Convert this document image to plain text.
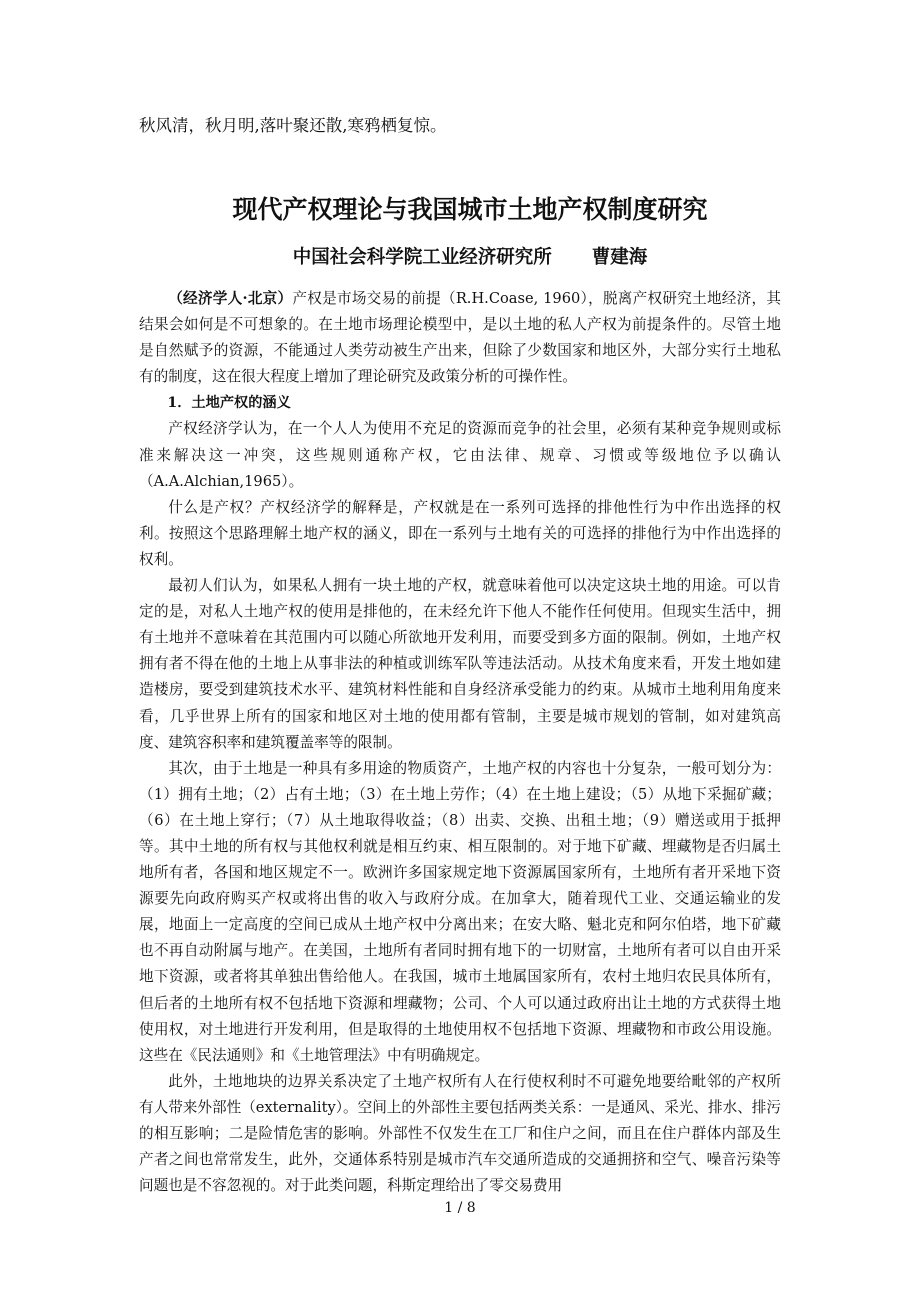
秋风清，秋月明,落叶聚还散,寒鸦栖复惊。
现代产权理论与我国城市土地产权制度研究
中国社会科学院工业经济研究所 曹建海

（经济学人·北京）产权是市场交易的前提（R.H.Coase, 1960），脱离产权研究土地经济，其结果会如何是不可想象的。在土地市场理论模型中，是以土地的私人产权为前提条件的。尽管土地是自然赋予的资源，不能通过人类劳动被生产出来，但除了少数国家和地区外，大部分实行土地私有的制度，这在很大程度上增加了理论研究及政策分析的可操作性。

1．土地产权的涵义

产权经济学认为，在一个人人为使用不充足的资源而竞争的社会里，必须有某种竞争规则或标准来解决这一冲突，这些规则通称产权，它由法律、规章、习惯或等级地位予以确认（A.A.Alchian,1965）。

什么是产权？产权经济学的解释是，产权就是在一系列可选择的排他性行为中作出选择的权利。按照这个思路理解土地产权的涵义，即在一系列与土地有关的可选择的排他行为中作出选择的权利。

最初人们认为，如果私人拥有一块土地的产权，就意味着他可以决定这块土地的用途。可以肯定的是，对私人土地产权的使用是排他的，在未经允许下他人不能作任何使用。但现实生活中，拥有土地并不意味着在其范围内可以随心所欲地开发利用，而要受到多方面的限制。例如，土地产权拥有者不得在他的土地上从事非法的种植或训练军队等违法活动。从技术角度来看，开发土地如建造楼房，要受到建筑技术水平、建筑材料性能和自身经济承受能力的约束。从城市土地利用角度来看，几乎世界上所有的国家和地区对土地的使用都有管制，主要是城市规划的管制，如对建筑高度、建筑容积率和建筑覆盖率等的限制。

其次，由于土地是一种具有多用途的物质资产，土地产权的内容也十分复杂，一般可划分为：（1）拥有土地；（2）占有土地；（3）在土地上劳作；（4）在土地上建设；（5）从地下采掘矿藏；（6）在土地上穿行；（7）从土地取得收益；（8）出卖、交换、出租土地；（9）赠送或用于抵押等。其中土地的所有权与其他权利就是相互约束、相互限制的。对于地下矿藏、埋藏物是否归属土地所有者，各国和地区规定不一。欧洲许多国家规定地下资源属国家所有，土地所有者开采地下资源要先向政府购买产权或将出售的收入与政府分成。在加拿大，随着现代工业、交通运输业的发展，地面上一定高度的空间已成从土地产权中分离出来；在安大略、魁北克和阿尔伯塔，地下矿藏也不再自动附属与地产。在美国，土地所有者同时拥有地下的一切财富，土地所有者可以自由开采地下资源，或者将其单独出售给他人。在我国，城市土地属国家所有，农村土地归农民具体所有，但后者的土地所有权不包括地下资源和埋藏物；公司、个人可以通过政府出让土地的方式获得土地使用权，对土地进行开发利用，但是取得的土地使用权不包括地下资源、埋藏物和市政公用设施。这些在《民法通则》和《土地管理法》中有明确规定。

此外，土地地块的边界关系决定了土地产权所有人在行使权利时不可避免地要给毗邻的产权所有人带来外部性（externality）。空间上的外部性主要包括两类关系：一是通风、采光、排水、排污的相互影响；二是险情危害的影响。外部性不仅发生在工厂和住户之间，而且在住户群体内部及生产者之间也常常发生，此外，交通体系特别是城市汽车交通所造成的交通拥挤和空气、噪音污染等问题也是不容忽视的。对于此类问题，科斯定理给出了零交易费用

1 / 8
